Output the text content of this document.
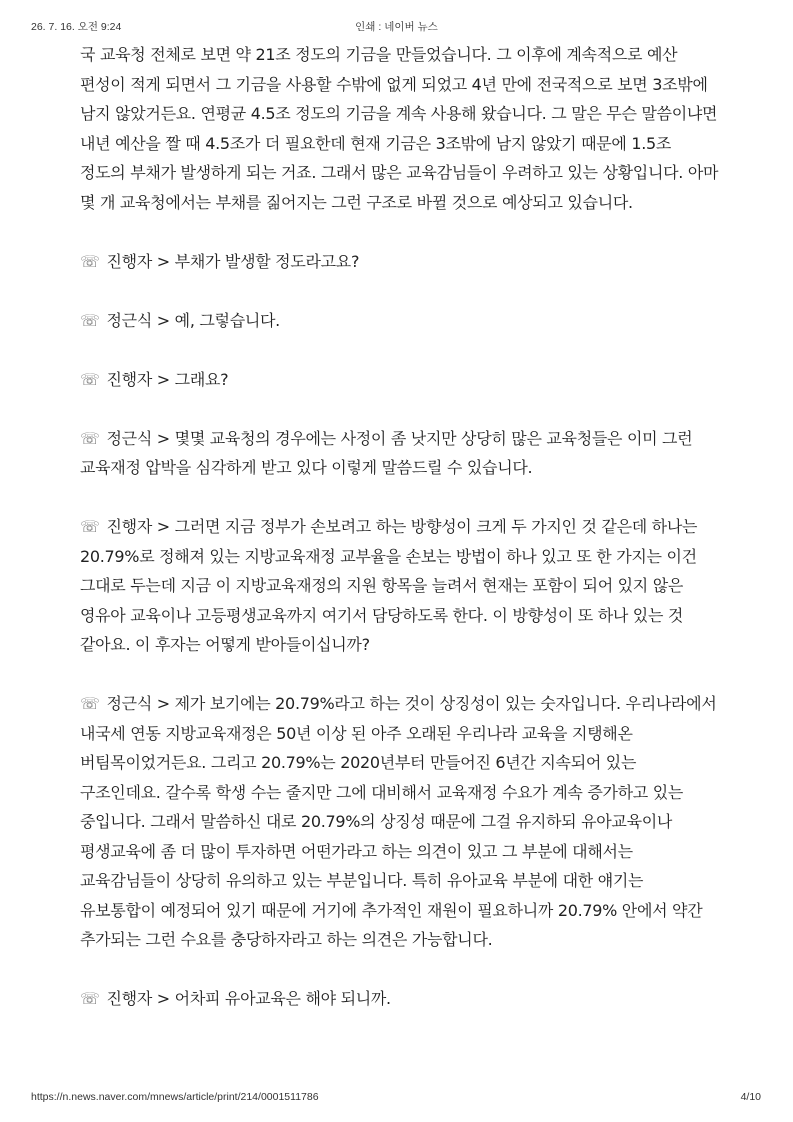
26. 7. 16. 오전 9:24	인쇄 : 네이버 뉴스

국 교육청 전체로 보면 약 21조 정도의 기금을 만들었습니다. 그 이후에 계속적으로 예산 편성이 적게 되면서 그 기금을 사용할 수밖에 없게 되었고 4년 만에 전국적으로 보면 3조밖에 남지 않았거든요. 연평균 4.5조 정도의 기금을 계속 사용해 왔습니다. 그 말은 무슨 말씀이냐면 내년 예산을 짤 때 4.5조가 더 필요한데 현재 기금은 3조밖에 남지 않았기 때문에 1.5조 정도의 부채가 발생하게 되는 거죠. 그래서 많은 교육감님들이 우려하고 있는 상황입니다. 아마 몇 개 교육청에서는 부채를 짊어지는 그런 구조로 바뀔 것으로 예상되고 있습니다.

☏ 진행자 > 부채가 발생할 정도라고요?

☏ 정근식 > 예, 그렇습니다.

☏ 진행자 > 그래요?

☏ 정근식 > 몇몇 교육청의 경우에는 사정이 좀 낫지만 상당히 많은 교육청들은 이미 그런 교육재정 압박을 심각하게 받고 있다 이렇게 말씀드릴 수 있습니다.

☏ 진행자 > 그러면 지금 정부가 손보려고 하는 방향성이 크게 두 가지인 것 같은데 하나는 20.79%로 정해져 있는 지방교육재정 교부율을 손보는 방법이 하나 있고 또 한 가지는 이건 그대로 두는데 지금 이 지방교육재정의 지원 항목을 늘려서 현재는 포함이 되어 있지 않은 영유아 교육이나 고등평생교육까지 여기서 담당하도록 한다. 이 방향성이 또 하나 있는 것 같아요. 이 후자는 어떻게 받아들이십니까?

☏ 정근식 > 제가 보기에는 20.79%라고 하는 것이 상징성이 있는 숫자입니다. 우리나라에서 내국세 연동 지방교육재정은 50년 이상 된 아주 오래된 우리나라 교육을 지탱해온 버팀목이었거든요. 그리고 20.79%는 2020년부터 만들어진 6년간 지속되어 있는 구조인데요. 갈수록 학생 수는 줄지만 그에 대비해서 교육재정 수요가 계속 증가하고 있는 중입니다. 그래서 말씀하신 대로 20.79%의 상징성 때문에 그걸 유지하되 유아교육이나 평생교육에 좀 더 많이 투자하면 어떤가라고 하는 의견이 있고 그 부분에 대해서는 교육감님들이 상당히 유의하고 있는 부분입니다. 특히 유아교육 부분에 대한 얘기는 유보통합이 예정되어 있기 때문에 거기에 추가적인 재원이 필요하니까 20.79% 안에서 약간 추가되는 그런 수요를 충당하자라고 하는 의견은 가능합니다.

☏ 진행자 > 어차피 유아교육은 해야 되니까.

https://n.news.naver.com/mnews/article/print/214/0001511786	4/10
